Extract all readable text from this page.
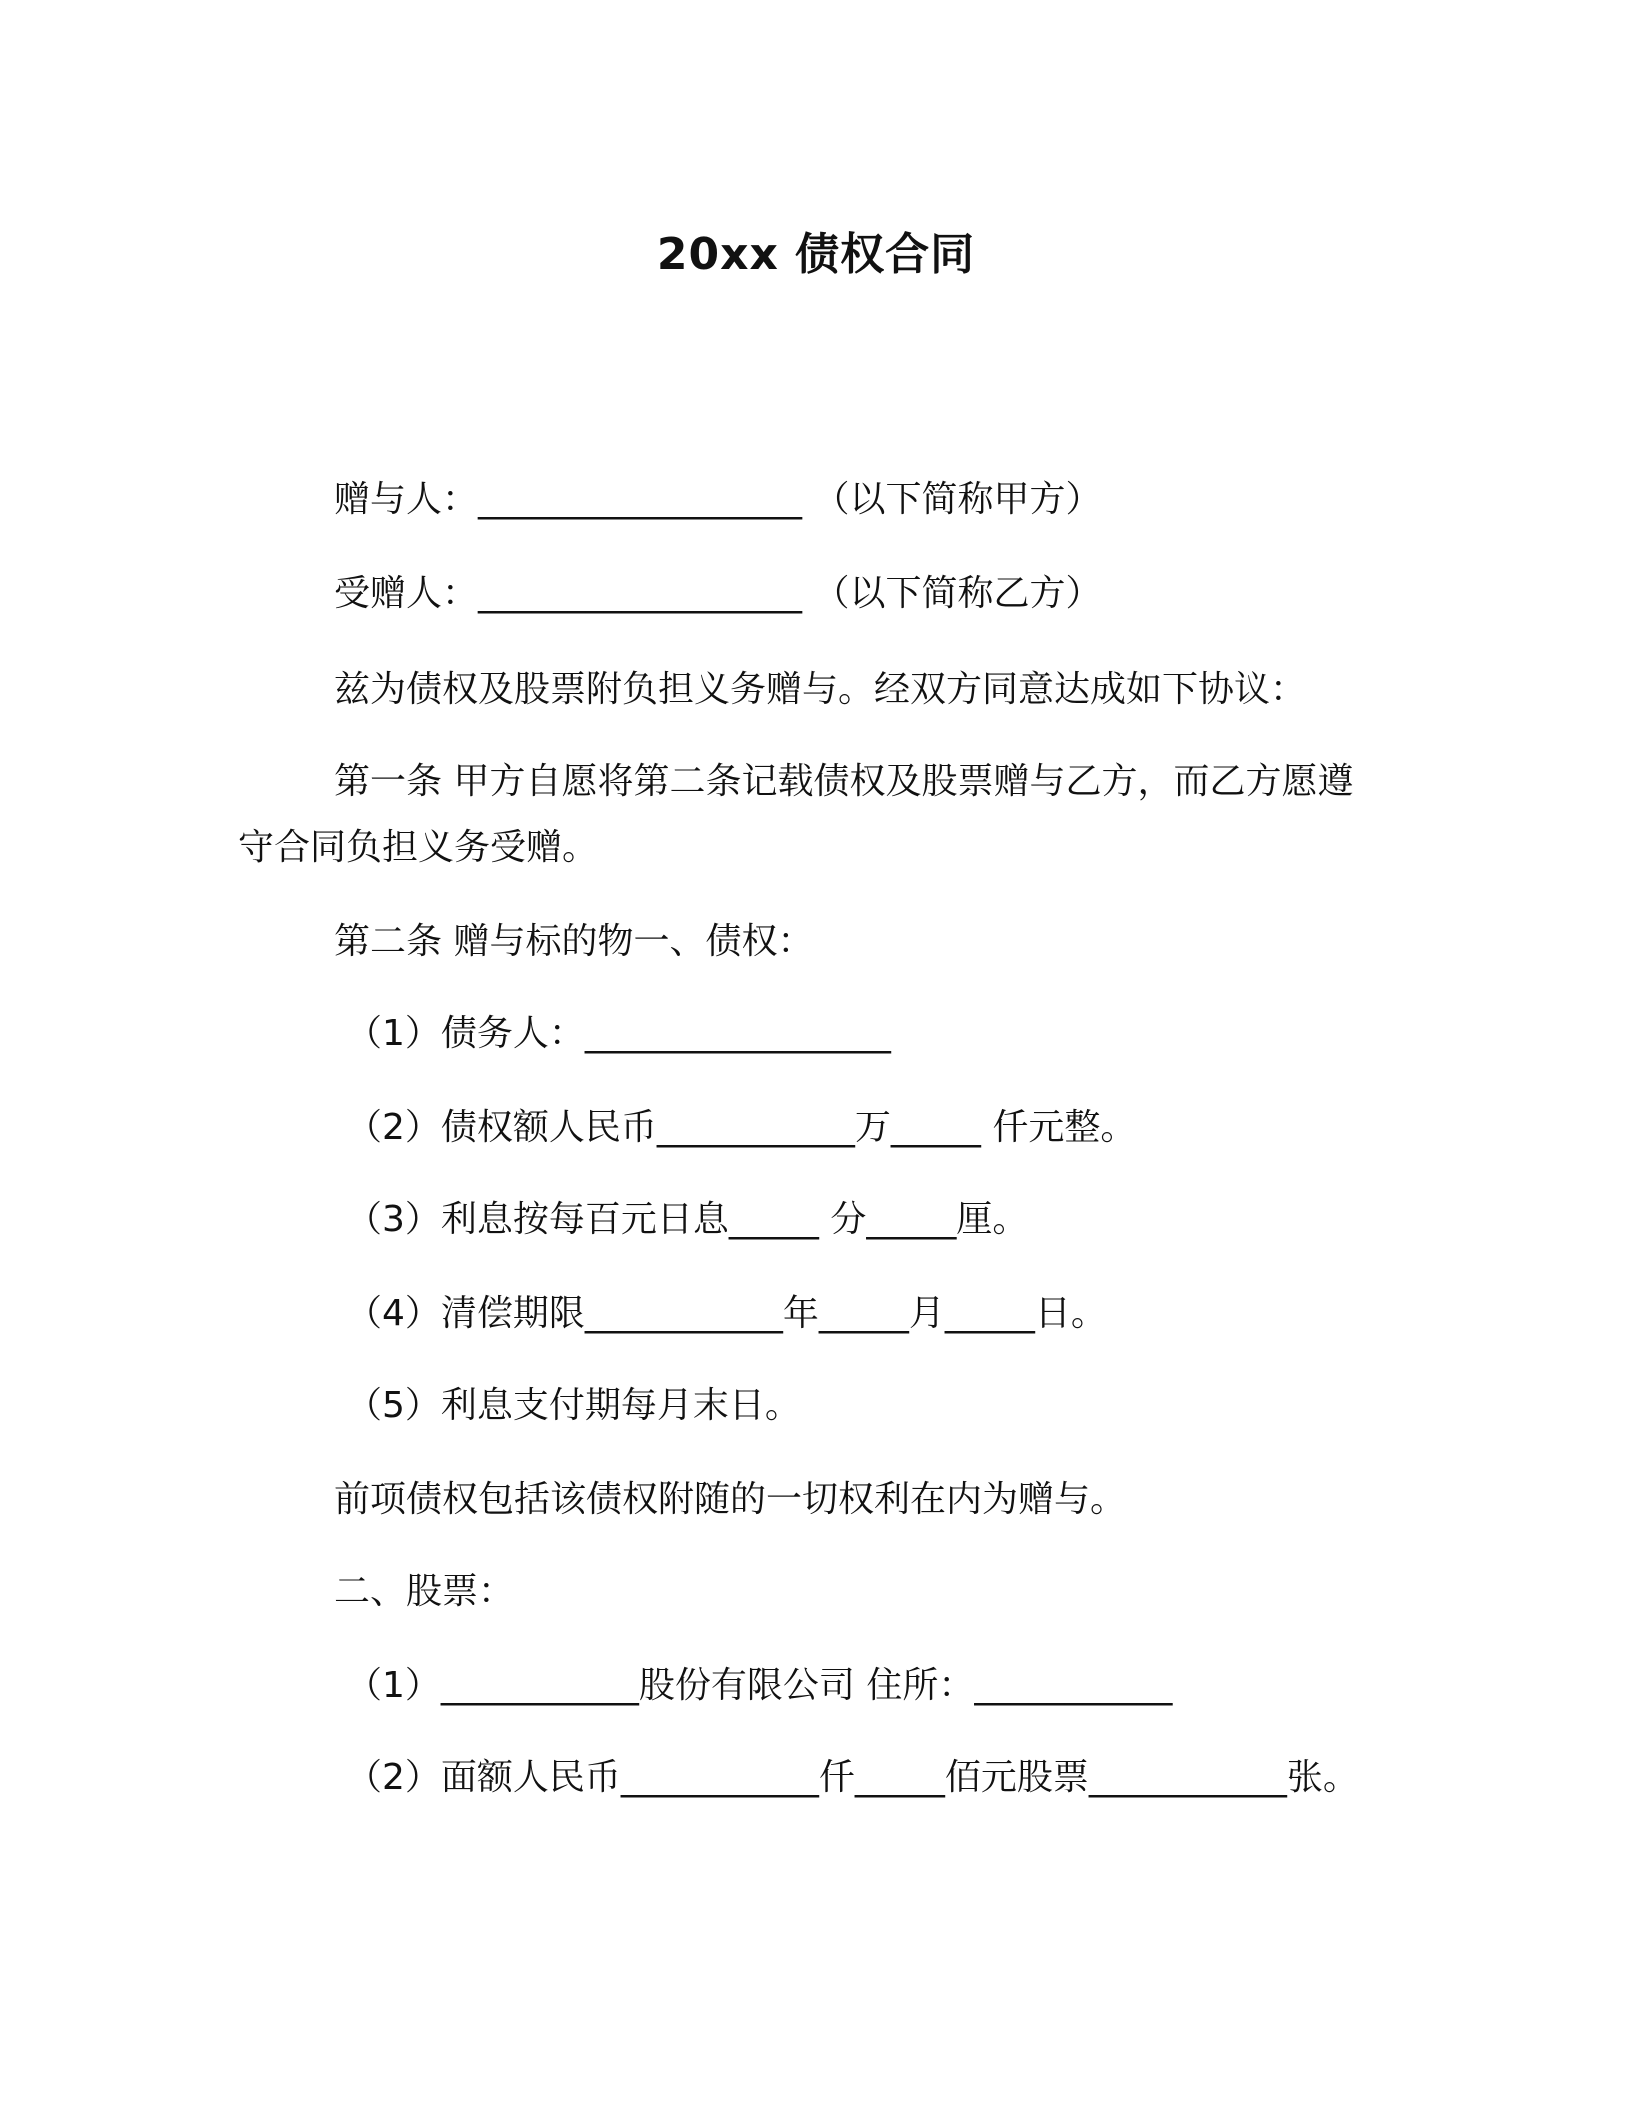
20xx 债权合同
赠与人：__________________ （以下简称甲方）
受赠人：__________________ （以下简称乙方）
兹为债权及股票附负担义务赠与。经双方同意达成如下协议：
第一条 甲方自愿将第二条记载债权及股票赠与乙方，而乙方愿遵
守合同负担义务受赠。
第二条 赠与标的物一、债权：
（1）债务人：_________________
（2）债权额人民币___________万_____ 仟元整。
（3）利息按每百元日息_____ 分_____厘。
（4）清偿期限___________年_____月_____日。
（5）利息支付期每月末日。
前项债权包括该债权附随的一切权利在内为赠与。
二、股票：
（1）___________股份有限公司 住所：___________
（2）面额人民币___________仟_____佰元股票___________张。
